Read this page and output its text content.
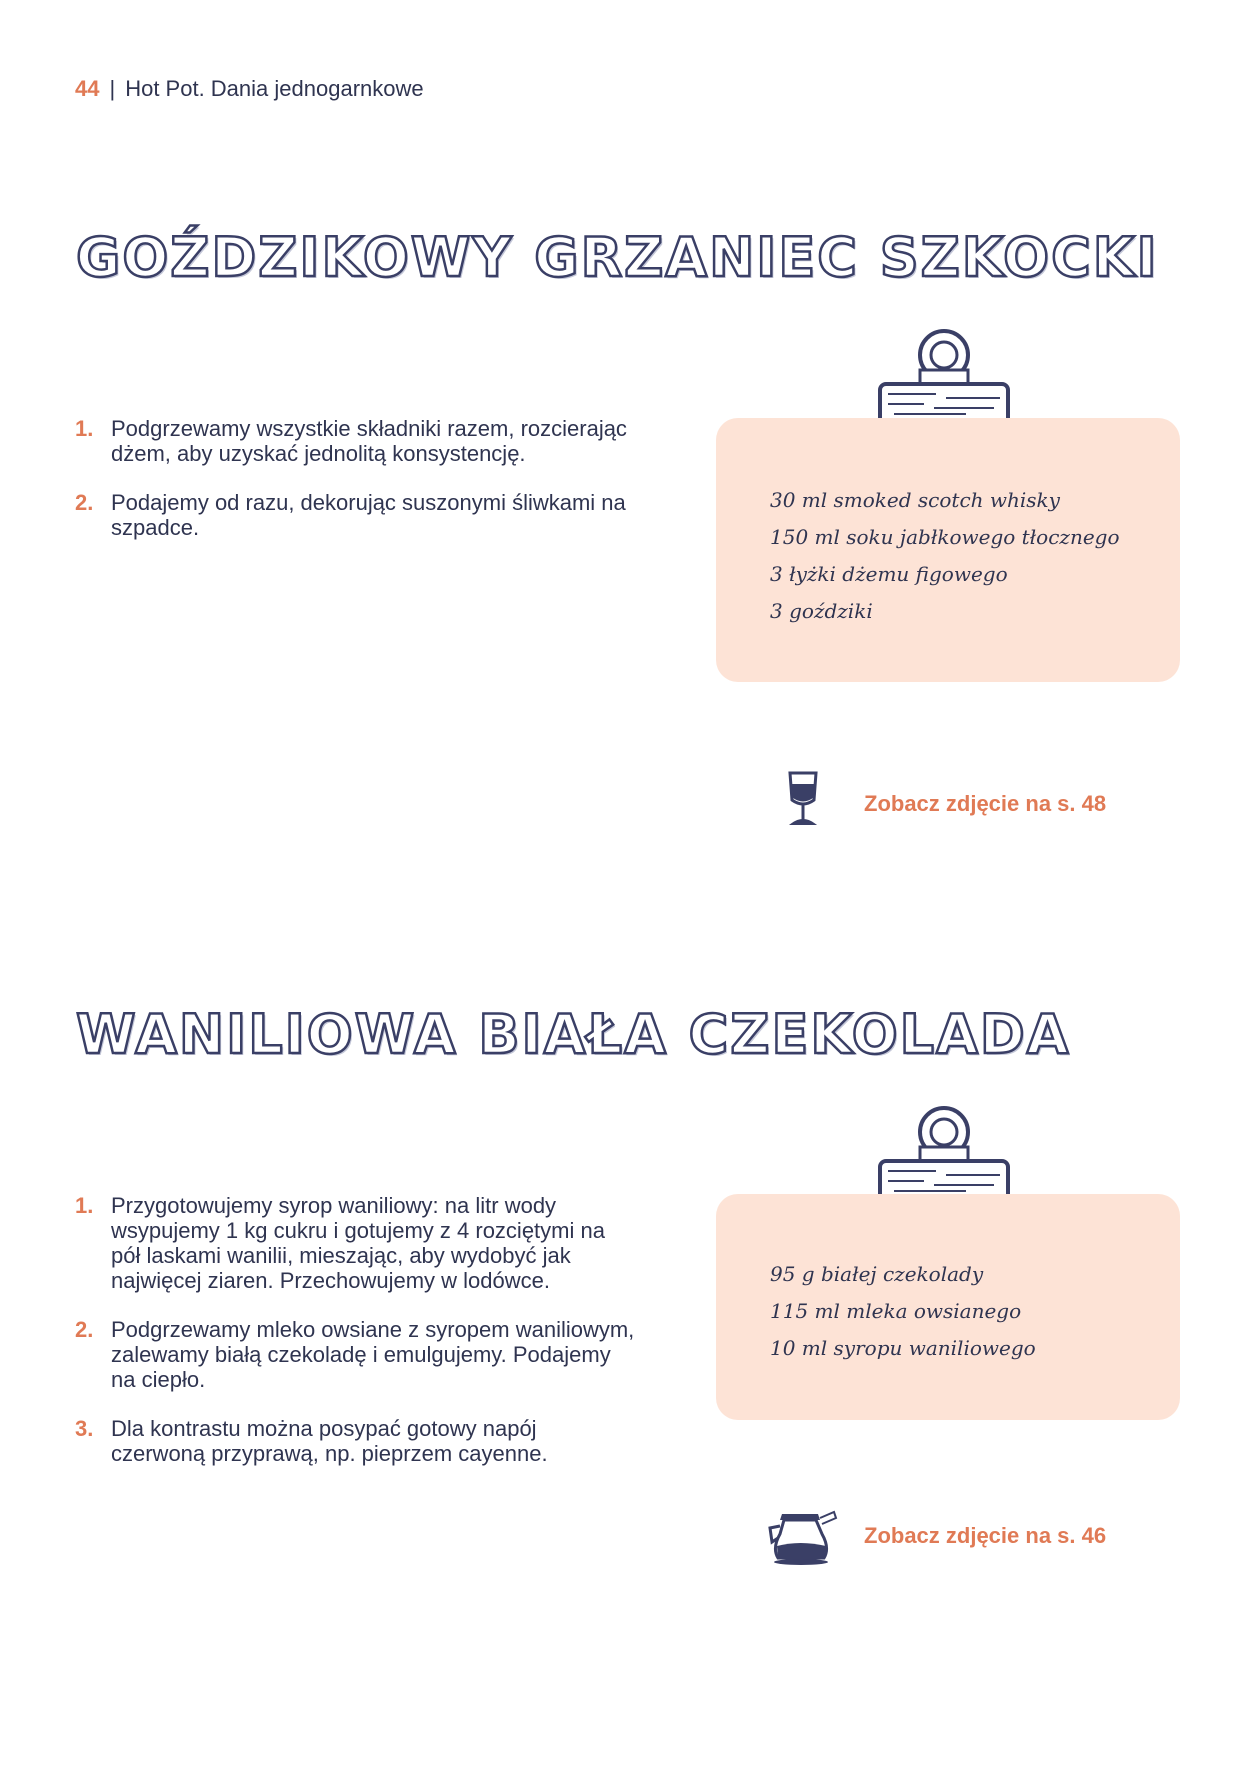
44 | Hot Pot. Dania jednogarnkowe
GOŹDZIKOWY GRZANIEC SZKOCKI
1. Podgrzewamy wszystkie składniki razem, rozcierając dżem, aby uzyskać jednolitą konsystencję.
2. Podajemy od razu, dekorując suszonymi śliwkami na szpadce.
30 ml smoked scotch whisky
150 ml soku jabłkowego tłocznego
3 łyżki dżemu figowego
3 goździki
Zobacz zdjęcie na s. 48
WANILIOWA BIAŁA CZEKOLADA
1. Przygotowujemy syrop waniliowy: na litr wody wsypujemy 1 kg cukru i gotujemy z 4 rozciętymi na pół laskami wanilii, mieszając, aby wydobyć jak najwięcej ziaren. Przechowujemy w lodówce.
2. Podgrzewamy mleko owsiane z syropem waniliowym, zalewamy białą czekoladę i emulgujemy. Podajemy na ciepło.
3. Dla kontrastu można posypać gotowy napój czerwoną przyprawą, np. pieprzem cayenne.
95 g białej czekolady
115 ml mleka owsianego
10 ml syropu waniliowego
Zobacz zdjęcie na s. 46
